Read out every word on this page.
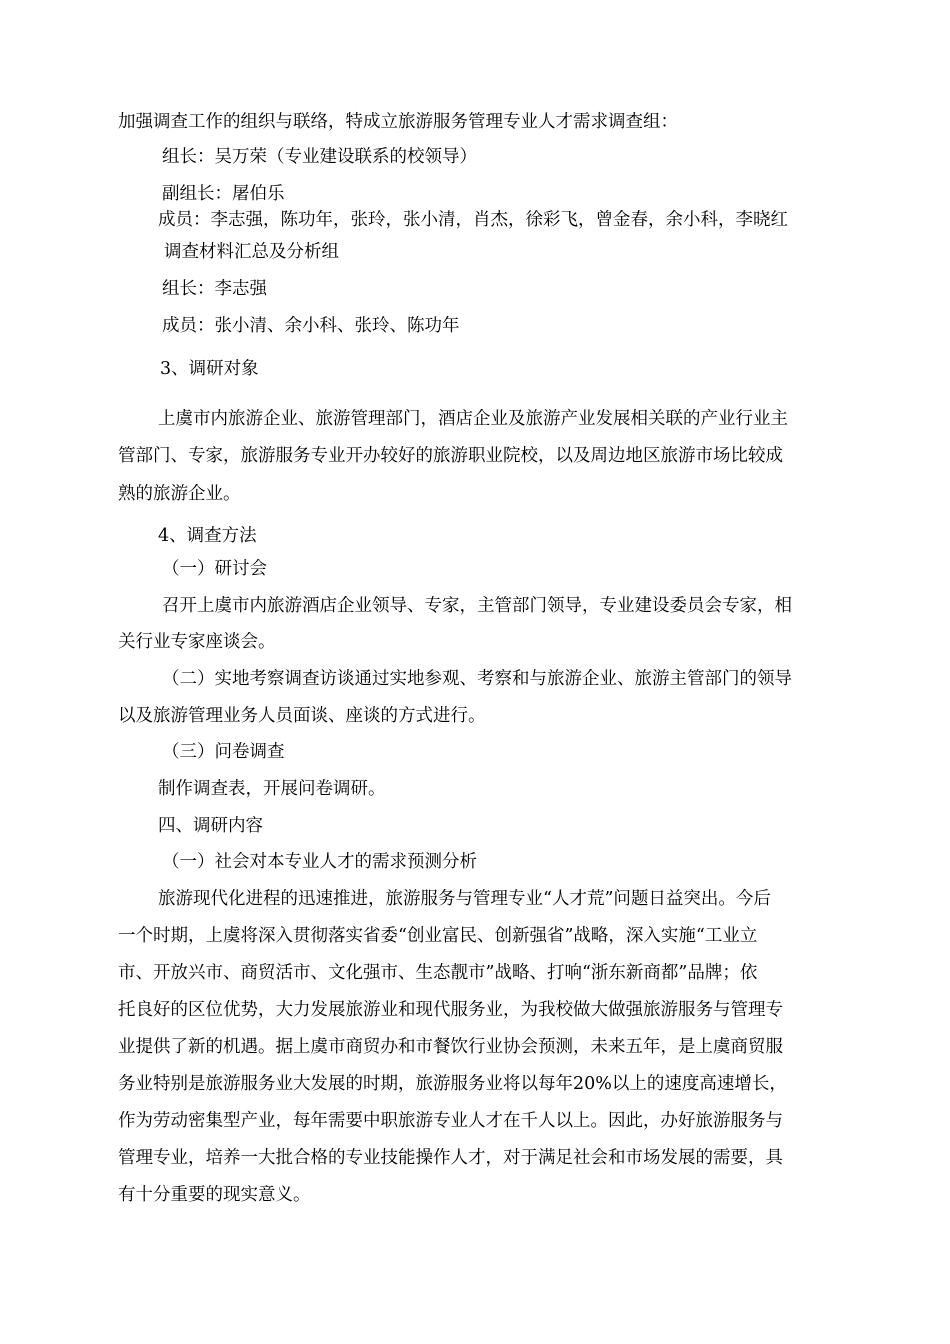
加强调查工作的组织与联络，特成立旅游服务管理专业人才需求调查组：
组长：吴万荣（专业建设联系的校领导）
副组长：屠伯乐
成员：李志强，陈功年，张玲，张小清，肖杰，徐彩飞，曾金春，余小科，李晓红
调查材料汇总及分析组
组长：李志强
成员：张小清、余小科、张玲、陈功年
3、调研对象
上虞市内旅游企业、旅游管理部门，酒店企业及旅游产业发展相关联的产业行业主
管部门、专家，旅游服务专业开办较好的旅游职业院校，以及周边地区旅游市场比较成
熟的旅游企业。
4、调查方法
（一）研讨会
召开上虞市内旅游酒店企业领导、专家，主管部门领导，专业建设委员会专家，相
关行业专家座谈会。
（二）实地考察调查访谈通过实地参观、考察和与旅游企业、旅游主管部门的领导
以及旅游管理业务人员面谈、座谈的方式进行。
（三）问卷调查
制作调查表，开展问卷调研。
四、调研内容
（一）社会对本专业人才的需求预测分析
旅游现代化进程的迅速推进，旅游服务与管理专业“人才荒”问题日益突出。今后
一个时期，上虞将深入贯彻落实省委“创业富民、创新强省”战略，深入实施“工业立
市、开放兴市、商贸活市、文化强市、生态靓市”战略、打响“浙东新商都”品牌；依
托良好的区位优势，大力发展旅游业和现代服务业，为我校做大做强旅游服务与管理专
业提供了新的机遇。据上虞市商贸办和市餐饮行业协会预测，未来五年，是上虞商贸服
务业特别是旅游服务业大发展的时期，旅游服务业将以每年20%以上的速度高速增长，
作为劳动密集型产业，每年需要中职旅游专业人才在千人以上。因此，办好旅游服务与
管理专业，培养一大批合格的专业技能操作人才，对于满足社会和市场发展的需要，具
有十分重要的现实意义。
